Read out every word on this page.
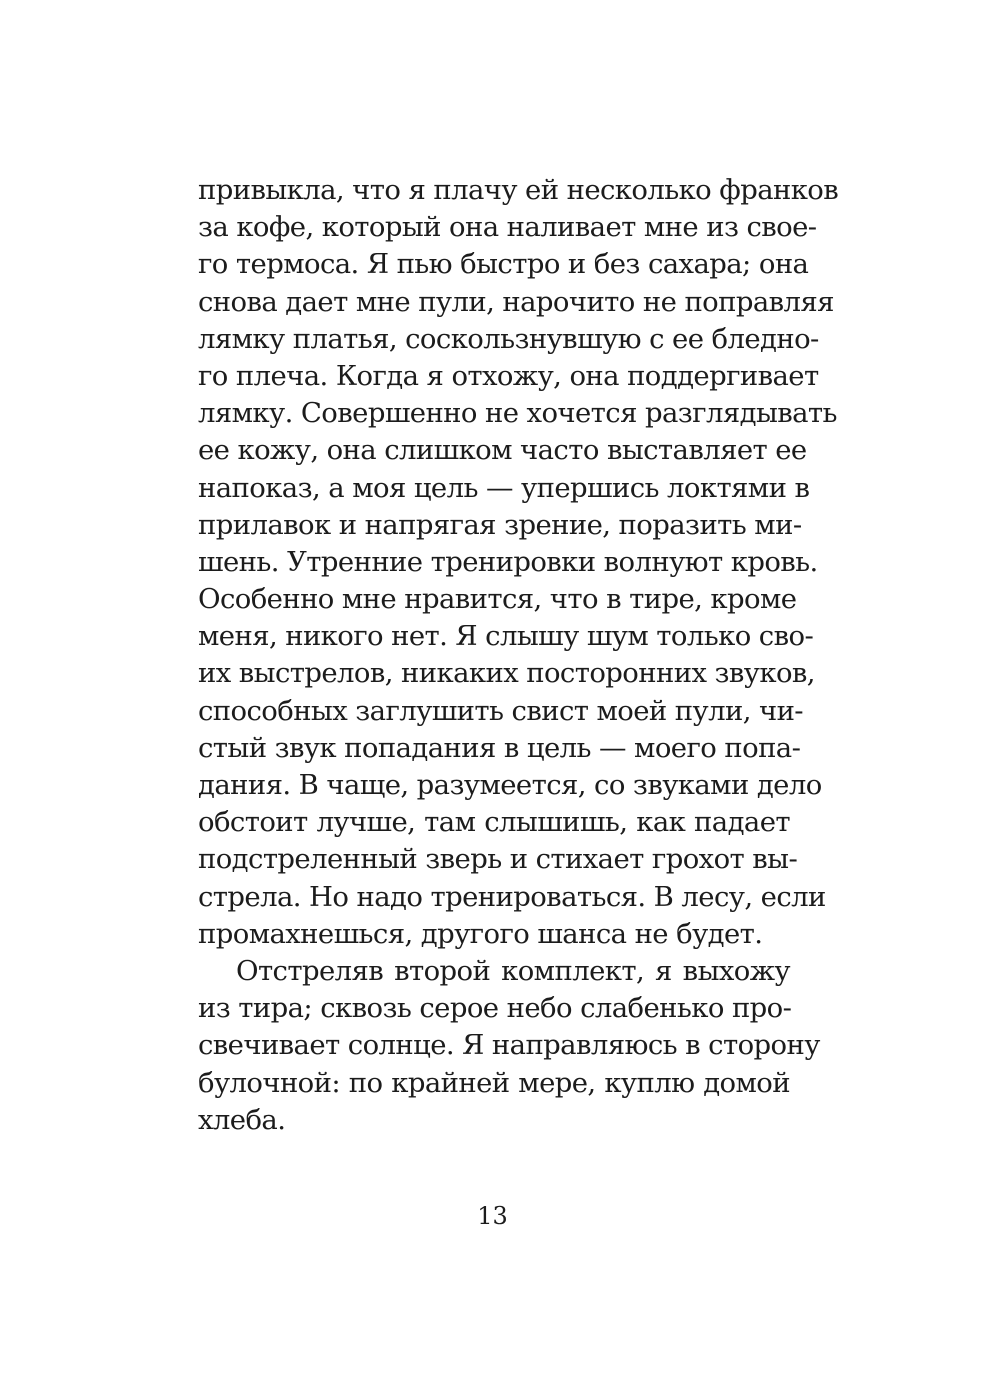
привыкла, что я плачу ей несколько франков
за кофе, который она наливает мне из свое-
го термоса. Я пью быстро и без сахара; она
снова дает мне пули, нарочито не поправляя
лямку платья, соскользнувшую с ее бледно-
го плеча. Когда я отхожу, она поддергивает
лямку. Совершенно не хочется разглядывать
ее кожу, она слишком часто выставляет ее
напоказ, а моя цель — упершись локтями в
прилавок и напрягая зрение, поразить ми-
шень. Утренние тренировки волнуют кровь.
Особенно мне нравится, что в тире, кроме
меня, никого нет. Я слышу шум только сво-
их выстрелов, никаких посторонних звуков,
способных заглушить свист моей пули, чи-
стый звук попадания в цель — моего попа-
дания. В чаще, разумеется, со звуками дело
обстоит лучше, там слышишь, как падает
подстреленный зверь и стихает грохот вы-
стрела. Но надо тренироваться. В лесу, если
промахнешься, другого шанса не будет.

Отстреляв второй комплект, я выхожу
из тира; сквозь серое небо слабенько про-
свечивает солнце. Я направляюсь в сторону
булочной: по крайней мере, куплю домой
хлеба.

13
